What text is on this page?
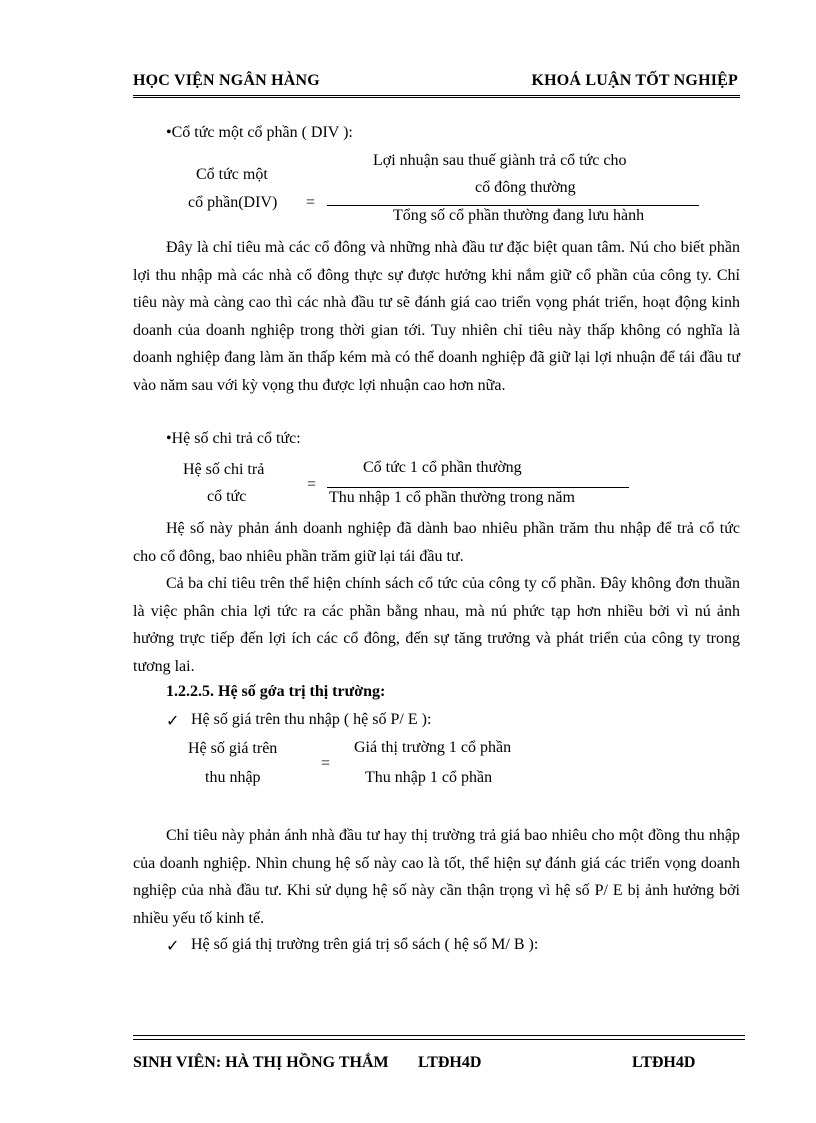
HỌC VIỆN NGÂN HÀNG	KHOÁ LUẬN TỐT NGHIỆP
•Cổ tức một cổ phần ( DIV ):
Cổ tức một
cổ phần(DIV) =
Lợi nhuận sau thuế giành trả cổ tức cho
cổ đông thường
Tổng số cổ phần thường đang lưu hành
Đây là chỉ tiêu mà các cổ đông và những nhà đầu tư đặc biệt quan tâm. Nú cho biết phần lợi thu nhập mà các nhà cổ đông thực sự được hưởng khi nắm giữ cổ phần của công ty. Chỉ tiêu này mà càng cao thì các nhà đầu tư sẽ đánh giá cao triển vọng phát triển, hoạt động kinh doanh của doanh nghiệp trong thời gian tới. Tuy nhiên chỉ tiêu này thấp không có nghĩa là doanh nghiệp đang làm ăn thấp kém mà có thể doanh nghiệp đã giữ lại lợi nhuận để tái đầu tư vào năm sau với kỳ vọng thu được lợi nhuận cao hơn nữa.
•Hệ số chi trả cổ tức:
Hệ số chi trả
cổ tức
=
Cổ tức 1 cổ phần thường
Thu nhập 1 cổ phần thường trong năm
Hệ số này phản ánh doanh nghiệp đã dành bao nhiêu phần trăm thu nhập để trả cổ tức cho cổ đông, bao nhiêu phần trăm giữ lại tái đầu tư.
Cả ba chỉ tiêu trên thể hiện chính sách cổ tức của công ty cổ phần. Đây không đơn thuần là việc phân chia lợi tức ra các phần bằng nhau, mà nú phức tạp hơn nhiều bởi vì nú ảnh hưởng trực tiếp đến lợi ích các cổ đông, đến sự tăng trưởng và phát triển của công ty trong tương lai.
1.2.2.5. Hệ số gớa trị thị trường:
✓ Hệ số giá trên thu nhập ( hệ số P/ E ):
Hệ số giá trên
thu nhập
=
Giá thị trường 1 cổ phần
Thu nhập 1 cổ phần
Chỉ tiêu này phản ánh nhà đầu tư hay thị trường trả giá bao nhiêu cho một đồng thu nhập của doanh nghiệp. Nhìn chung hệ số này cao là tốt, thể hiện sự đánh giá các triển vọng doanh nghiệp của nhà đầu tư. Khi sử dụng hệ số này cần thận trọng vì hệ số P/ E bị ảnh hưởng bởi nhiều yếu tố kinh tế.
✓ Hệ số giá thị trường trên giá trị sổ sách ( hệ số M/ B ):
SINH VIÊN: HÀ THỊ HỒNG THẮM LTĐH4D	LTĐH4D
